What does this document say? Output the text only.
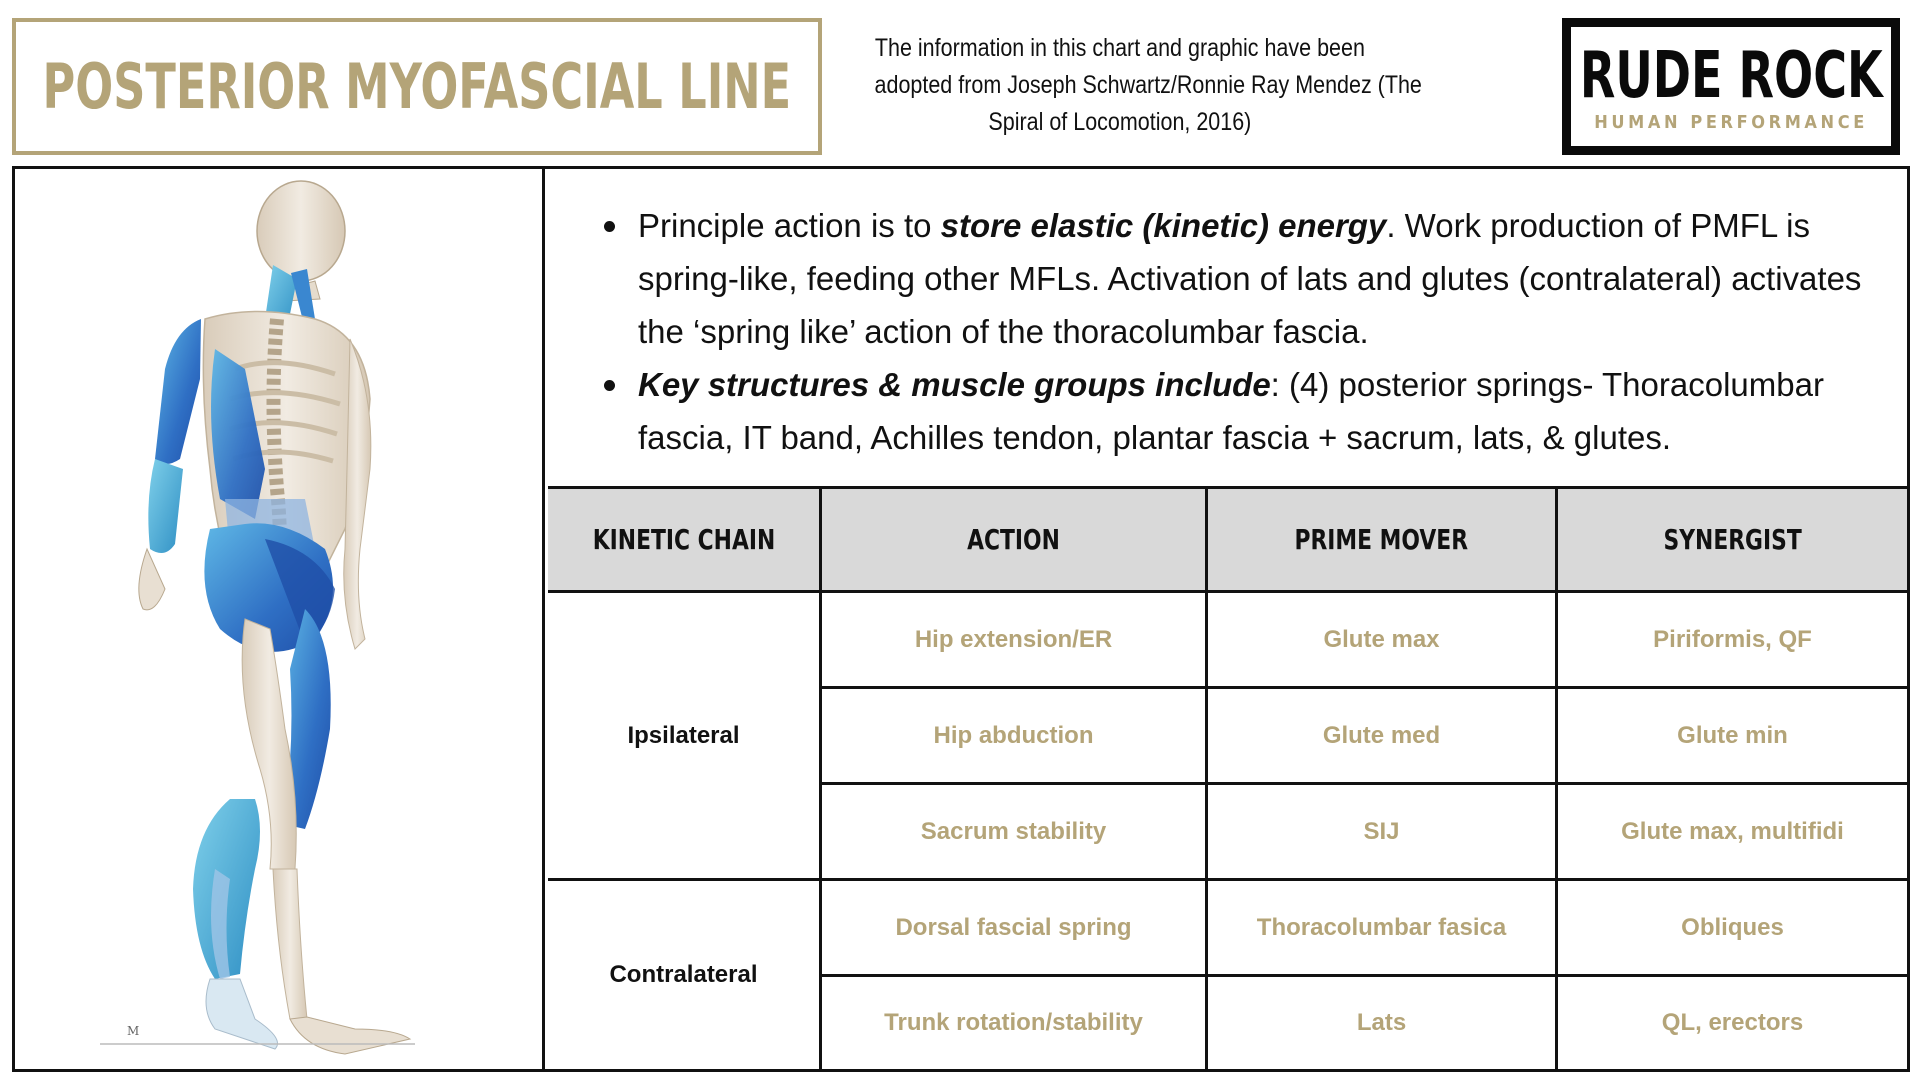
POSTERIOR MYOFASCIAL LINE
The information in this chart and graphic have been
adopted from Joseph Schwartz/Ronnie Ray Mendez (The
Spiral of Locomotion, 2016)
RUDE ROCK
HUMAN PERFORMANCE
M
Principle action is to store elastic (kinetic) energy. Work production of PMFL is spring-like, feeding other MFLs. Activation of lats and glutes (contralateral) activates the ‘spring like’ action of the thoracolumbar fascia.
Key structures & muscle groups include: (4) posterior springs- Thoracolumbar fascia, IT band, Achilles tendon, plantar fascia + sacrum, lats, & glutes.
KINETIC CHAIN	ACTION	PRIME MOVER	SYNERGIST
Ipsilateral
Hip extension/ER	Glute max	Piriformis, QF
Hip abduction	Glute med	Glute min
Sacrum stability	SIJ	Glute max, multifidi
Contralateral
Dorsal fascial spring	Thoracolumbar fasica	Obliques
Trunk rotation/stability	Lats	QL, erectors
